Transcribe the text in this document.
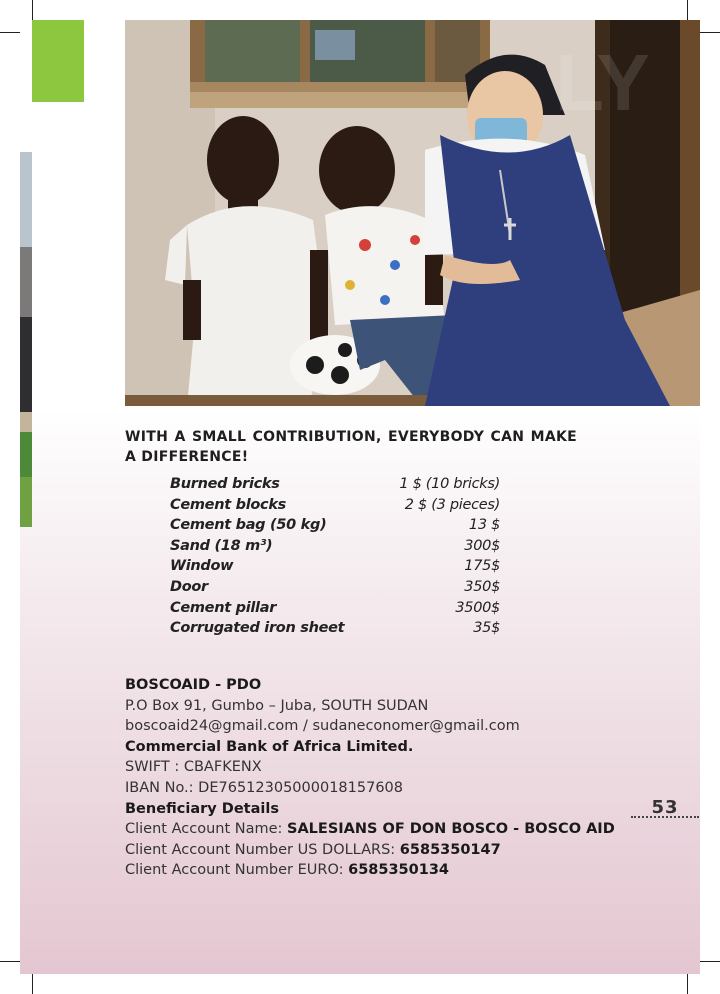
LY
WITH A SMALL CONTRIBUTION, EVERYBODY CAN MAKE
A DIFFERENCE!
Burned bricks	1 $ (10 bricks)
Cement blocks	2 $ (3 pieces)
Cement bag (50 kg)	13 $
Sand (18 m³)	300$
Window	175$
Door	350$
Cement pillar	3500$
Corrugated iron sheet	35$
BOSCOAID - PDO
P.O Box 91, Gumbo – Juba, SOUTH SUDAN
boscoaid24@gmail.com / sudaneconomer@gmail.com
Commercial Bank of Africa Limited.
SWIFT : CBAFKENX
IBAN No.: DE76512305000018157608
Beneficiary Details
Client Account Name: SALESIANS OF DON BOSCO - BOSCO AID
Client Account Number US DOLLARS: 6585350147
Client Account Number EURO: 6585350134
53
